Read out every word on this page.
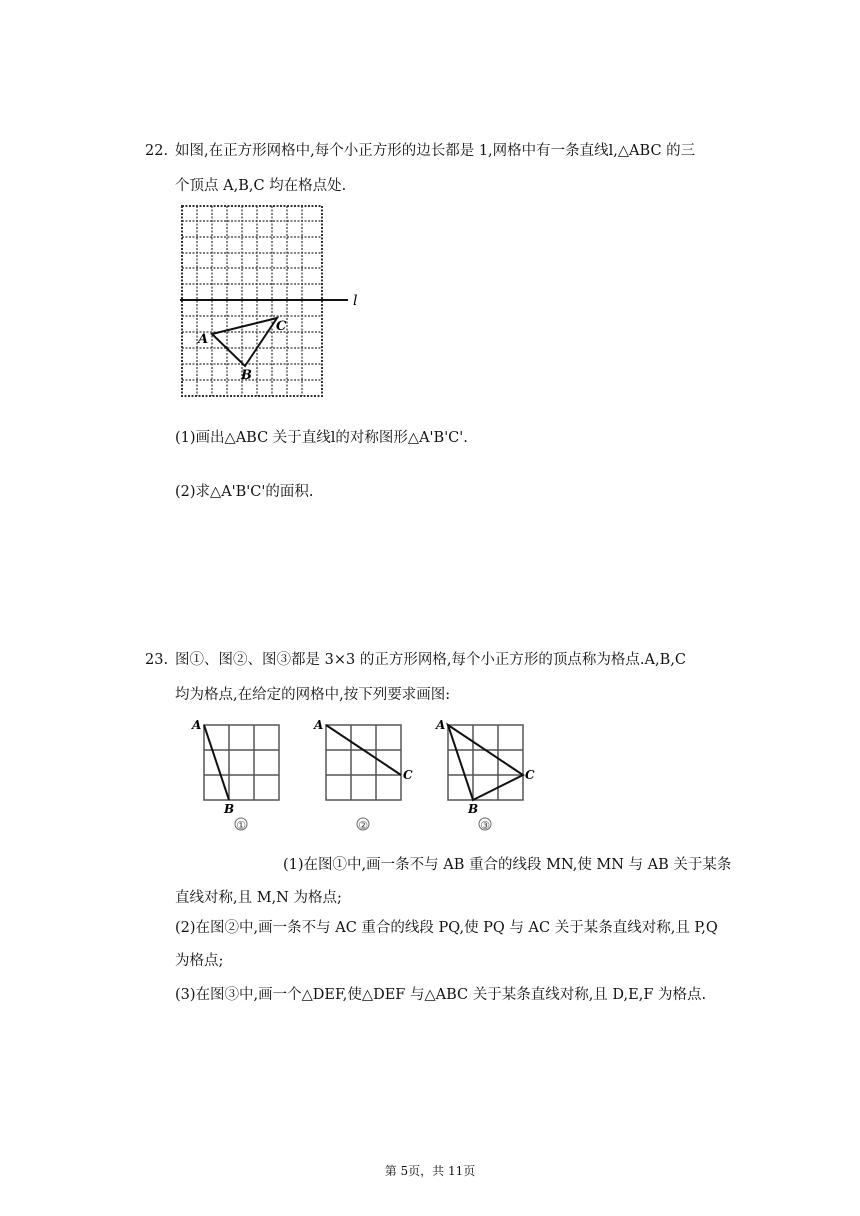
22. 如图,在正方形网格中,每个小正方形的边长都是 1,网格中有一条直线l,△ABC 的三
个顶点 A,B,C 均在格点处.
l
A
B
C
(1)画出△ABC 关于直线l的对称图形△A'B'C'.
(2)求△A'B'C'的面积.
23. 图①、图②、图③都是 3×3 的正方形网格,每个小正方形的顶点称为格点.A,B,C
均为格点,在给定的网格中,按下列要求画图:
A
B
①
A
C
②
A
B
C
③
(1)在图①中,画一条不与 AB 重合的线段 MN,使 MN 与 AB 关于某条
直线对称,且 M,N 为格点;
(2)在图②中,画一条不与 AC 重合的线段 PQ,使 PQ 与 AC 关于某条直线对称,且 P,Q
为格点;
(3)在图③中,画一个△DEF,使△DEF 与△ABC 关于某条直线对称,且 D,E,F 为格点.
第 5页，共 11页
